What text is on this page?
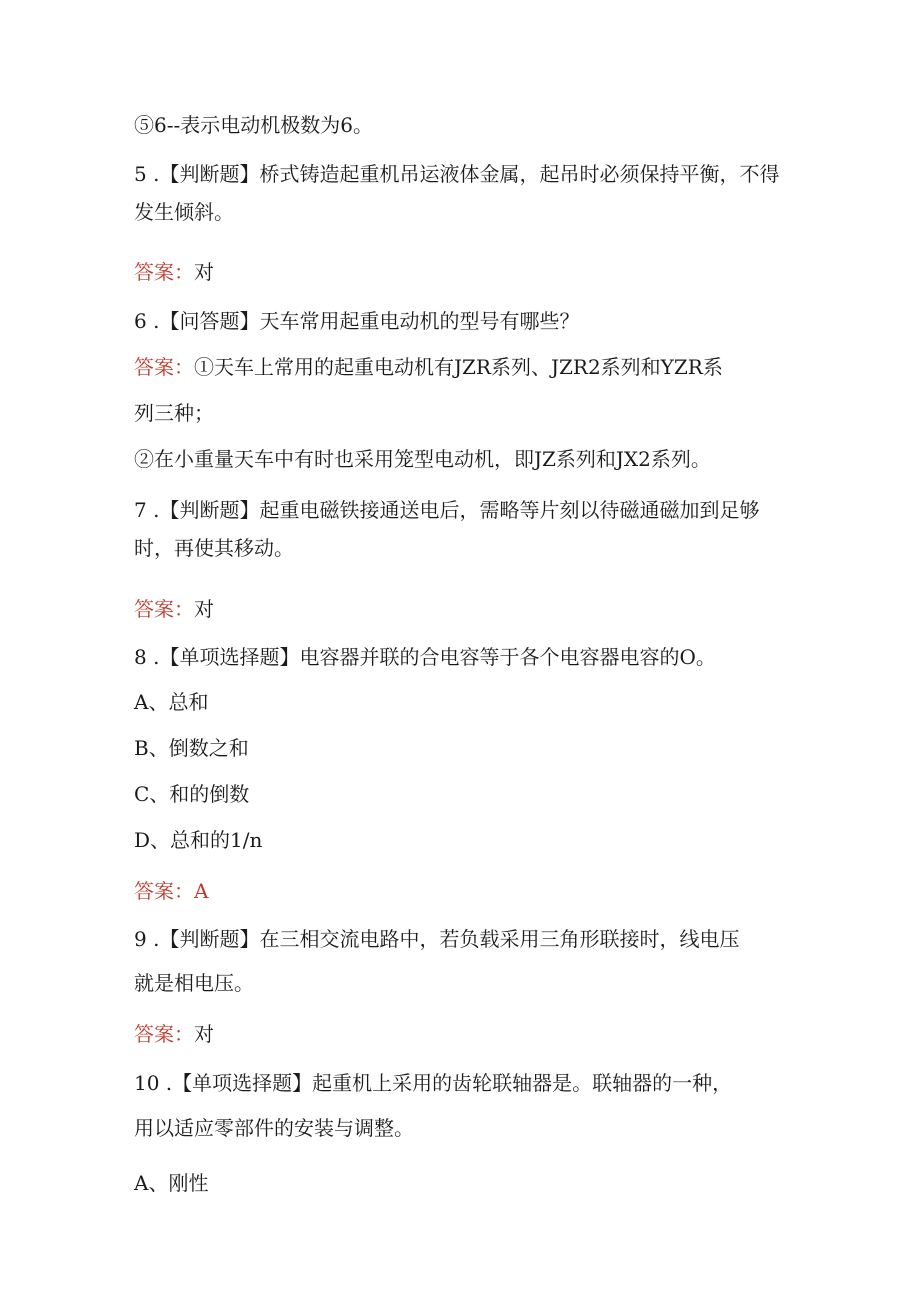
⑤6--表示电动机极数为6。
5 .【判断题】桥式铸造起重机吊运液体金属，起吊时必须保持平衡，不得
发生倾斜。
答案：对
6 .【问答题】天车常用起重电动机的型号有哪些？
答案：①天车上常用的起重电动机有JZR系列、JZR2系列和YZR系
列三种；
②在小重量天车中有时也采用笼型电动机，即JZ系列和JX2系列。
7 .【判断题】起重电磁铁接通送电后，需略等片刻以待磁通磁加到足够
时，再使其移动。
答案：对
8 .【单项选择题】电容器并联的合电容等于各个电容器电容的O。
A、总和
B、倒数之和
C、和的倒数
D、总和的1/n
答案：A
9 .【判断题】在三相交流电路中，若负载采用三角形联接时，线电压
就是相电压。
答案：对
10 .【单项选择题】起重机上采用的齿轮联轴器是。联轴器的一种，
用以适应零部件的安装与调整。
A、刚性
